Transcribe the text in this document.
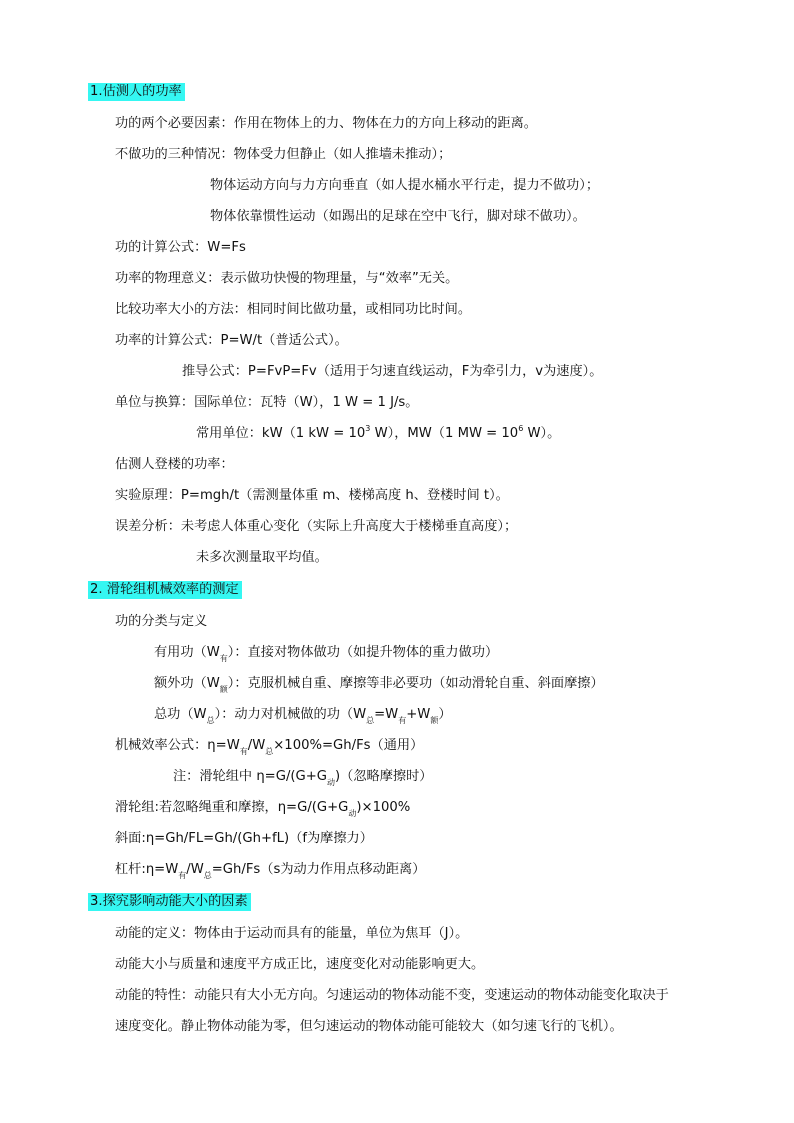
1.估测人的功率
功的两个必要因素：作用在物体上的力、物体在力的方向上移动的距离。
不做功的三种情况：物体受力但静止（如人推墙未推动）；
物体运动方向与力方向垂直（如人提水桶水平行走，提力不做功）；
物体依靠惯性运动（如踢出的足球在空中飞行，脚对球不做功）。
功的计算公式：W=Fs
功率的物理意义：表示做功快慢的物理量，与“效率”无关。
比较功率大小的方法：相同时间比做功量，或相同功比时间。
功率的计算公式：P=W/t（普适公式）。
推导公式：P=FvP=Fv（适用于匀速直线运动，F为牵引力，v为速度）。
单位与换算：国际单位：瓦特（W），1 W = 1 J/s。
常用单位：kW（1 kW = $10^3$ W），MW（1 MW = $10^6$ W）。
估测人登楼的功率：
实验原理：P=mgh/t（需测量体重 m、楼梯高度 h、登楼时间 t）。
误差分析：未考虑人体重心变化（实际上升高度大于楼梯垂直高度）；
未多次测量取平均值。
2. 滑轮组机械效率的测定
功的分类与定义
有用功（W有）：直接对物体做功（如提升物体的重力做功）
额外功（W额）：克服机械自重、摩擦等非必要功（如动滑轮自重、斜面摩擦）
总功（W总）：动力对机械做的功（W总=W有+W额）
机械效率公式：η=W有/W总×100%=Gh/Fs（通用）
注：滑轮组中 η=G/(G+G动)（忽略摩擦时）
滑轮组:若忽略绳重和摩擦，η=G/(G+G动)×100%
斜面:η=Gh/FL=Gh/(Gh+fL)（f为摩擦力）
杠杆:η=W有/W总=Gh/Fs（s为动力作用点移动距离）
3.探究影响动能大小的因素
动能的定义：物体由于运动而具有的能量，单位为焦耳（J）。
动能大小与质量和速度平方成正比，速度变化对动能影响更大。
动能的特性：动能只有大小无方向。匀速运动的物体动能不变，变速运动的物体动能变化取决于
速度变化。静止物体动能为零，但匀速运动的物体动能可能较大（如匀速飞行的飞机）。
